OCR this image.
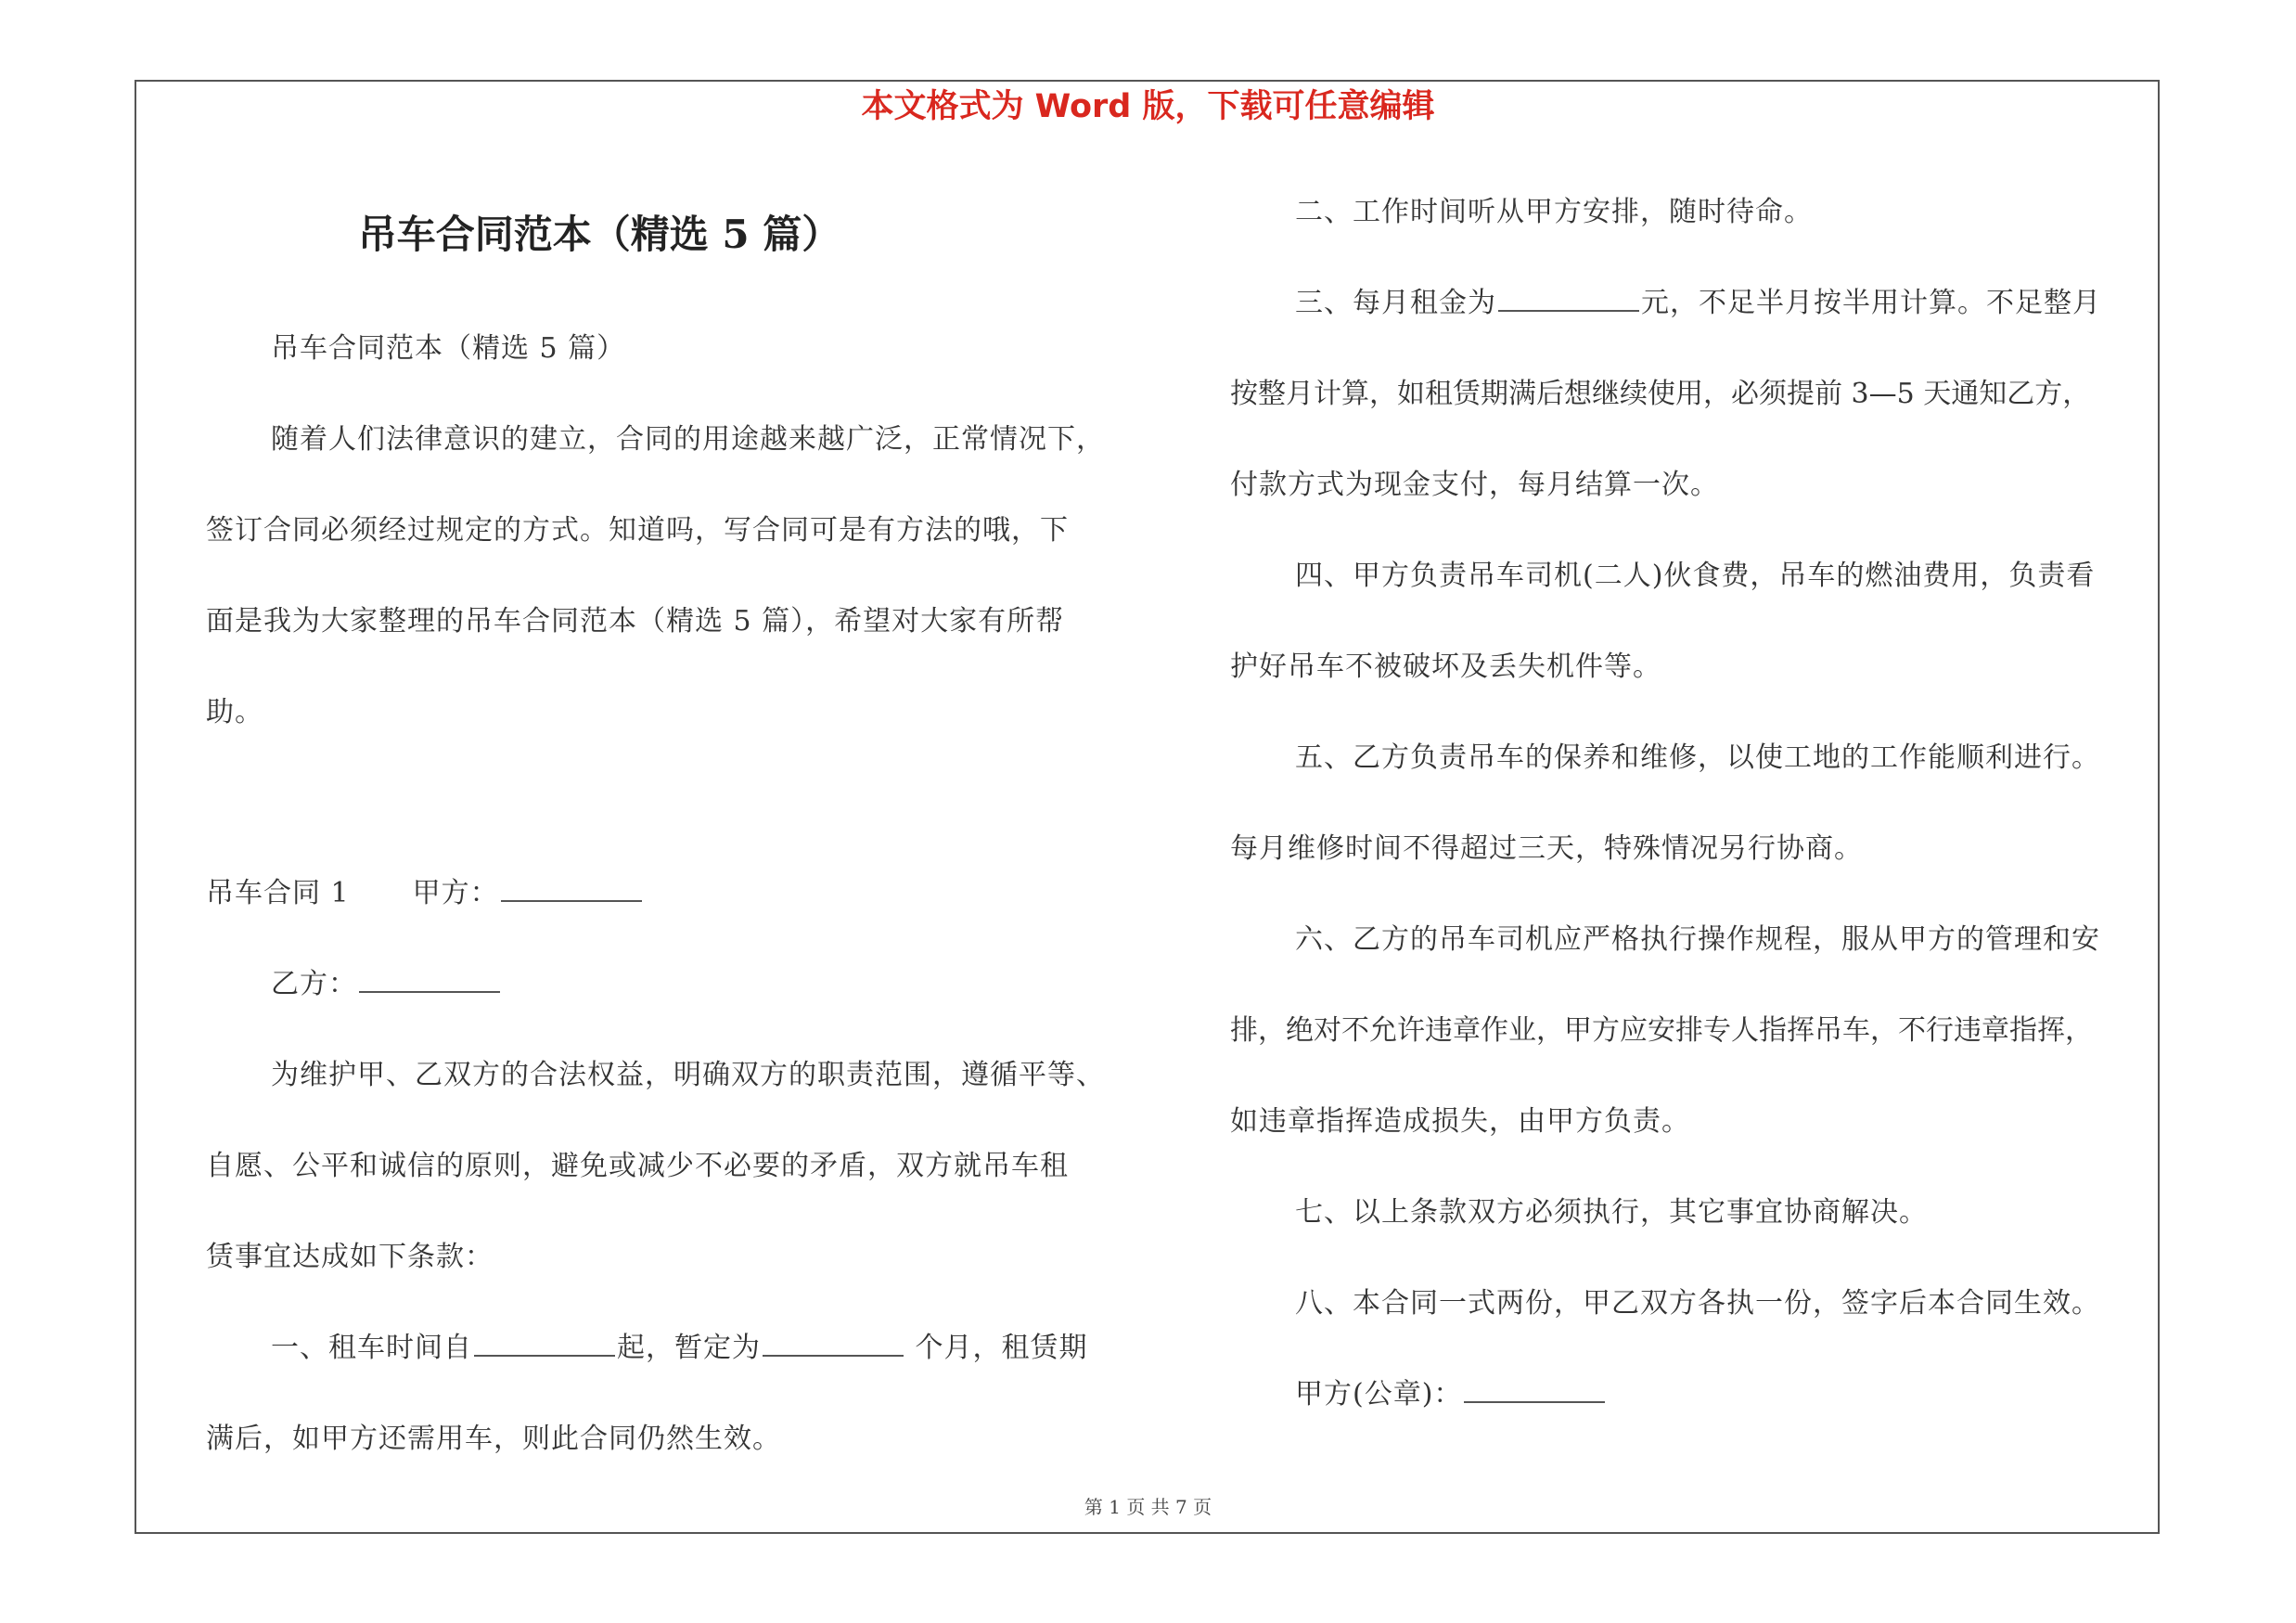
本文格式为 Word 版，下载可任意编辑
吊车合同范本（精选 5 篇）
吊车合同范本（精选 5 篇）
随着人们法律意识的建立，合同的用途越来越广泛，正常情况下，
签订合同必须经过规定的方式。知道吗，写合同可是有方法的哦，下
面是我为大家整理的吊车合同范本（精选 5 篇），希望对大家有所帮
助。
吊车合同 1 甲方：
乙方：
为维护甲、乙双方的合法权益，明确双方的职责范围，遵循平等、
自愿、公平和诚信的原则，避免或减少不必要的矛盾，双方就吊车租
赁事宜达成如下条款：
一、租车时间自	起，暂定为	个月，租赁期
满后，如甲方还需用车，则此合同仍然生效。
二、工作时间听从甲方安排，随时待命。
三、每月租金为	元，不足半月按半用计算。不足整月
按整月计算，如租赁期满后想继续使用，必须提前 3—5 天通知乙方，
付款方式为现金支付，每月结算一次。
四、甲方负责吊车司机(二人)伙食费，吊车的燃油费用，负责看
护好吊车不被破坏及丢失机件等。
五、乙方负责吊车的保养和维修，以使工地的工作能顺利进行。
每月维修时间不得超过三天，特殊情况另行协商。
六、乙方的吊车司机应严格执行操作规程，服从甲方的管理和安
排，绝对不允许违章作业，甲方应安排专人指挥吊车，不行违章指挥，
如违章指挥造成损失，由甲方负责。
七、以上条款双方必须执行，其它事宜协商解决。
八、本合同一式两份，甲乙双方各执一份，签字后本合同生效。
甲方(公章)：
第 1 页 共 7 页
